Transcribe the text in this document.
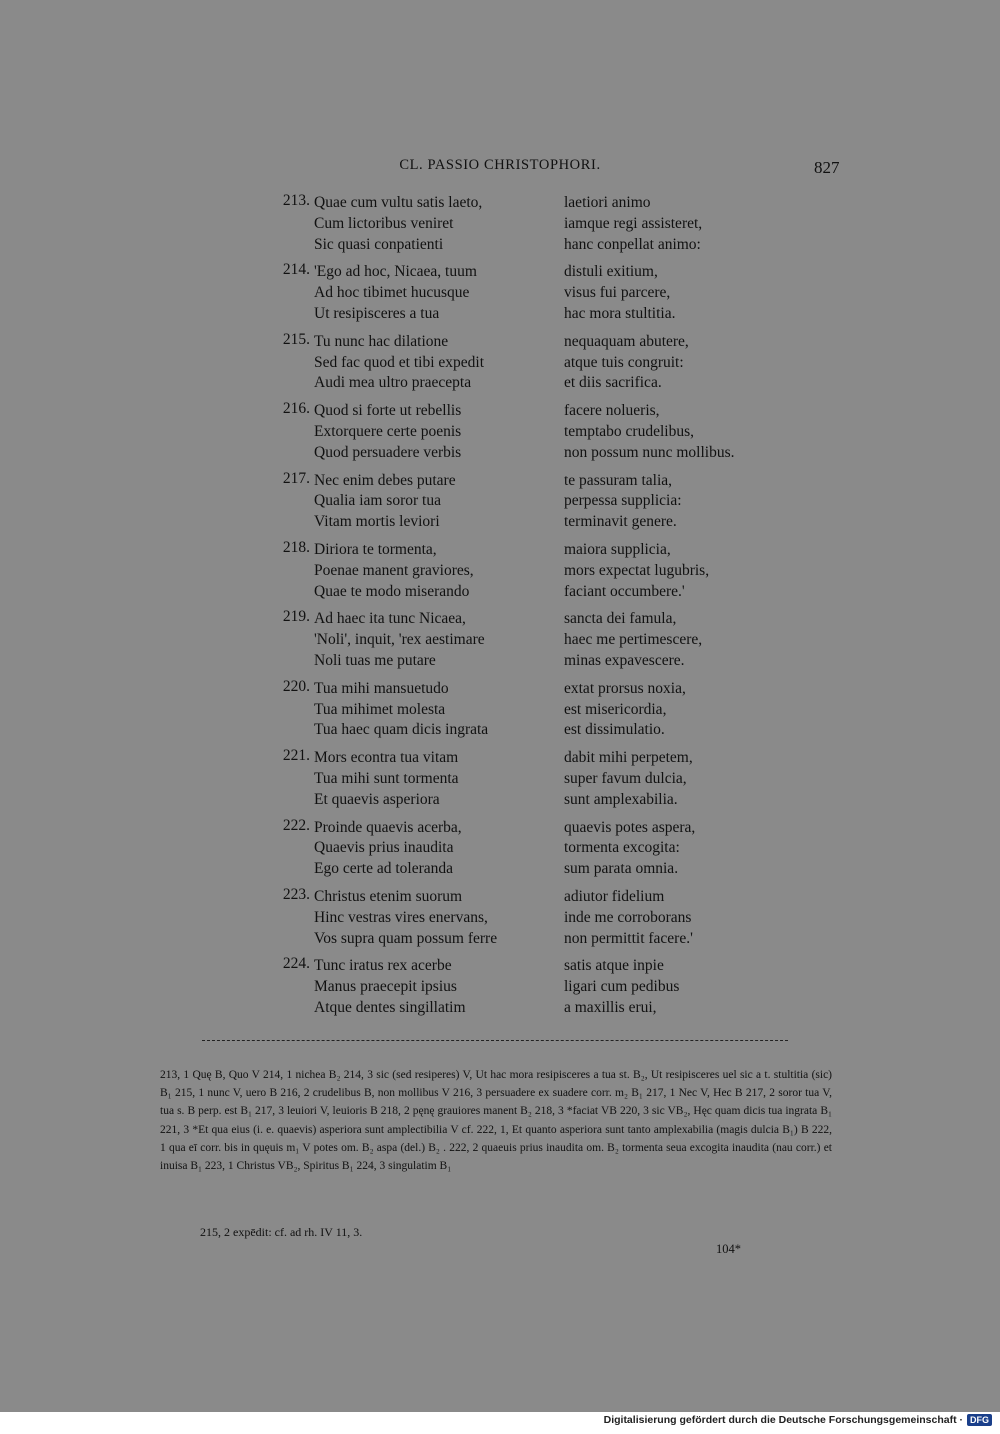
CL. PASSIO CHRISTOPHORI.	827
213. Quae cum vultu satis laeto,	laetiori animo
Cum lictoribus veniret	iamque regi assisteret,
Sic quasi conpatienti	hanc conpellat animo:
214. 'Ego ad hoc, Nicaea, tuum	distuli exitium,
Ad hoc tibimet hucusque	visus fui parcere,
Ut resipisceres a tua	hac mora stultitia.
215. Tu nunc hac dilatione	nequaquam abutere,
Sed fac quod et tibi expedit	atque tuis congruit:
Audi mea ultro praecepta	et diis sacrifica.
216. Quod si forte ut rebellis	facere nolueris,
Extorquere certe poenis	temptabo crudelibus,
Quod persuadere verbis	non possum nunc mollibus.
217. Nec enim debes putare	te passuram talia,
Qualia iam soror tua	perpessa supplicia:
Vitam mortis leviori	terminavit genere.
218. Diriora te tormenta,	maiora supplicia,
Poenae manent graviores,	mors expectat lugubris,
Quae te modo miserando	faciant occumbere.'
219. Ad haec ita tunc Nicaea,	sancta dei famula,
'Noli', inquit, 'rex aestimare	haec me pertimescere,
Noli tuas me putare	minas expavescere.
220. Tua mihi mansuetudo	extat prorsus noxia,
Tua mihimet molesta	est misericordia,
Tua haec quam dicis ingrata	est dissimulatio.
221. Mors econtra tua vitam	dabit mihi perpetem,
Tua mihi sunt tormenta	super favum dulcia,
Et quaevis asperiora	sunt amplexabilia.
222. Proinde quaevis acerba,	quaevis potes aspera,
Quaevis prius inaudita	tormenta excogita:
Ego certe ad toleranda	sum parata omnia.
223. Christus etenim suorum	adiutor fidelium
Hinc vestras vires enervans,	inde me corroborans
Vos supra quam possum ferre	non permittit facere.'
224. Tunc iratus rex acerbe	satis atque inpie
Manus praecepit ipsius	ligari cum pedibus
Atque dentes singillatim	a maxillis erui,

213, 1 Quę B, Quo V 214, 1 nichea B₂ 214, 3 sic (sed resiperes) V, Ut hac mora resipisceres a tua st. B₂, Ut resipisceres uel sic a t. stultitia (sic) B₁ 215, 1 nunc V, uero B 216, 2 crudelibus B, non mollibus V 216, 3 persuadere ex suadere corr. m₂ B₁ 217, 1 Nec V, Hec B 217, 2 soror tua V, tua s. B perp. est B₁ 217, 3 leuiori V, leuioris B 218, 2 pęnę grauiores manent B₂ 218, 3 *faciat VB 220, 3 sic VB₂, Hęc quam dicis tua ingrata B₁ 221, 3 *Et qua eius (i. e. quaevis) asperiora sunt amplectibilia V cf. 222, 1, Et quanto asperiora sunt tanto amplexabilia (magis dulcia B₁) B 222, 1 qua eī corr. bis in quęuis m₁ V potes om. B₂ aspa (del.) B₂ . 222, 2 quaeuis prius inaudita om. B₂ tormenta seua excogita inaudita (nau corr.) et inuisa B₁ 223, 1 Christus VB₂, Spiritus B₁ 224, 3 singulatim B₁

215, 2 expēdit: cf. ad rh. IV 11, 3.
104*
Digitalisierung gefördert durch die Deutsche Forschungsgemeinschaft · DFG
